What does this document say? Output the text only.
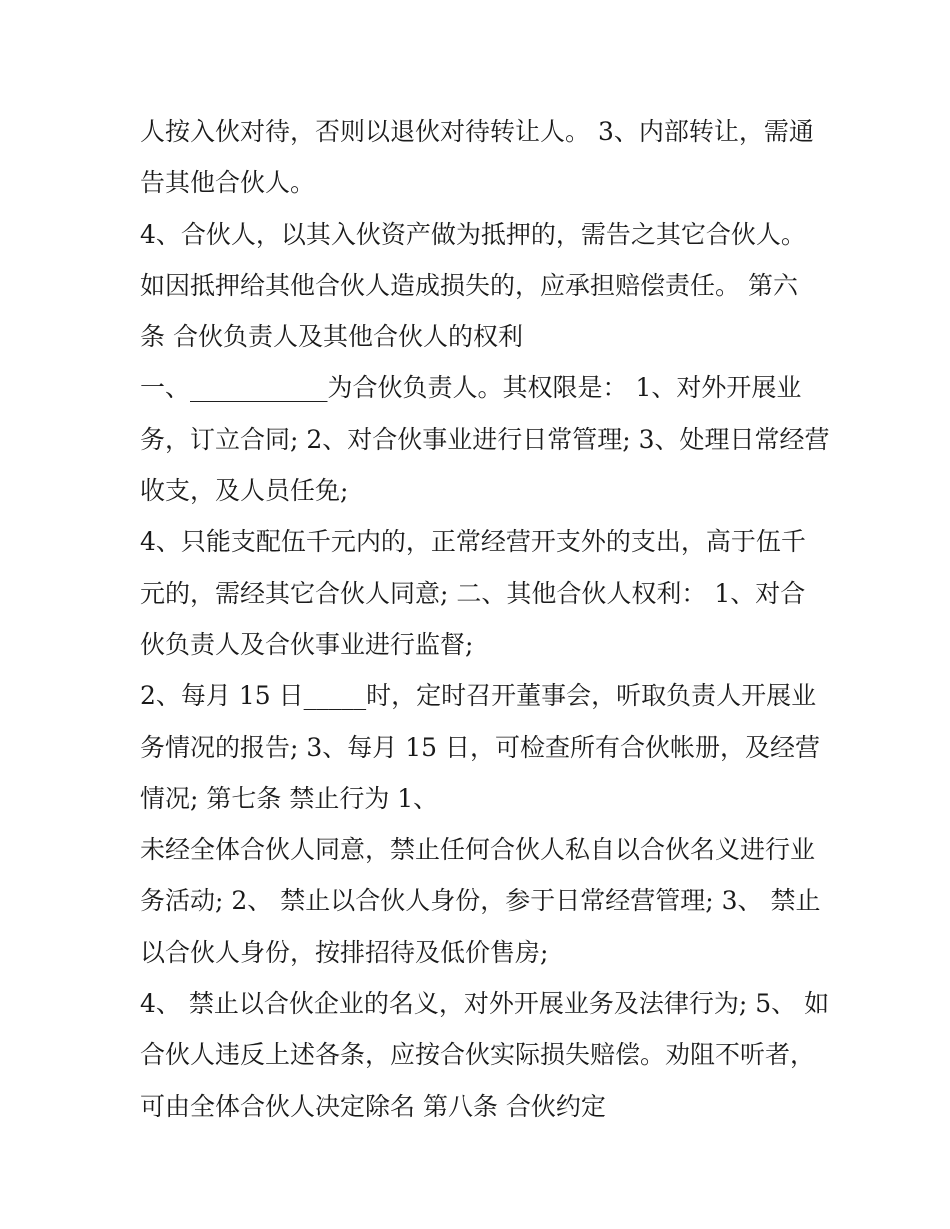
人按入伙对待，否则以退伙对待转让人。 3、内部转让，需通
告其他合伙人。
4、合伙人，以其入伙资产做为抵押的，需告之其它合伙人。
如因抵押给其他合伙人造成损失的，应承担赔偿责任。 第六
条 合伙负责人及其他合伙人的权利
一、___________为合伙负责人。其权限是： 1、对外开展业
务，订立合同; 2、对合伙事业进行日常管理; 3、处理日常经营
收支，及人员任免;
4、只能支配伍千元内的，正常经营开支外的支出，高于伍千
元的，需经其它合伙人同意; 二、其他合伙人权利： 1、对合
伙负责人及合伙事业进行监督;
2、每月 15 日_____时，定时召开董事会，听取负责人开展业
务情况的报告; 3、每月 15 日，可检查所有合伙帐册，及经营
情况; 第七条 禁止行为 1、
未经全体合伙人同意，禁止任何合伙人私自以合伙名义进行业
务活动; 2、 禁止以合伙人身份，参于日常经营管理; 3、 禁止
以合伙人身份，按排招待及低价售房;
4、 禁止以合伙企业的名义，对外开展业务及法律行为; 5、 如
合伙人违反上述各条，应按合伙实际损失赔偿。劝阻不听者，
可由全体合伙人决定除名 第八条 合伙约定
